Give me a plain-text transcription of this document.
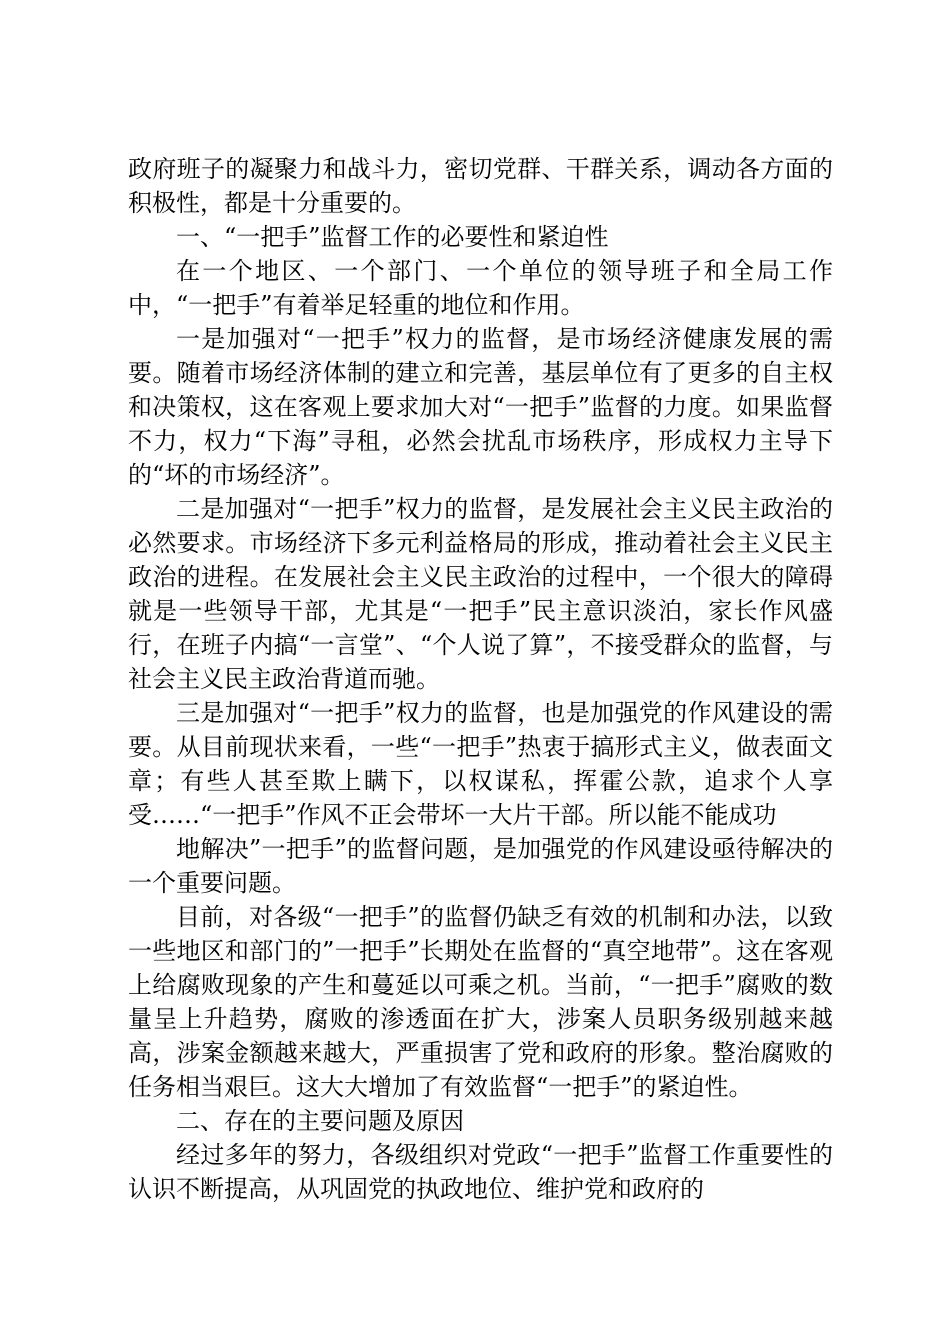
政府班子的凝聚力和战斗力，密切党群、干群关系，调动各方面的积极性，都是十分重要的。

一、“一把手”监督工作的必要性和紧迫性

在一个地区、一个部门、一个单位的领导班子和全局工作中，“一把手”有着举足轻重的地位和作用。

一是加强对“一把手”权力的监督，是市场经济健康发展的需要。随着市场经济体制的建立和完善，基层单位有了更多的自主权和决策权，这在客观上要求加大对“一把手”监督的力度。如果监督不力，权力“下海”寻租，必然会扰乱市场秩序，形成权力主导下的“坏的市场经济”。

二是加强对“一把手”权力的监督，是发展社会主义民主政治的必然要求。市场经济下多元利益格局的形成，推动着社会主义民主政治的进程。在发展社会主义民主政治的过程中，一个很大的障碍就是一些领导干部，尤其是“一把手”民主意识淡泊，家长作风盛行，在班子内搞“一言堂”、“个人说了算”，不接受群众的监督，与社会主义民主政治背道而驰。

三是加强对“一把手”权力的监督，也是加强党的作风建设的需要。从目前现状来看，一些“一把手”热衷于搞形式主义，做表面文章；有些人甚至欺上瞒下，以权谋私，挥霍公款，追求个人享受……“一把手”作风不正会带坏一大片干部。所以能不能成功

地解决”一把手”的监督问题，是加强党的作风建设亟待解决的一个重要问题。

目前，对各级“一把手”的监督仍缺乏有效的机制和办法，以致一些地区和部门的”一把手”长期处在监督的“真空地带”。这在客观上给腐败现象的产生和蔓延以可乘之机。当前，“一把手”腐败的数量呈上升趋势，腐败的渗透面在扩大，涉案人员职务级别越来越高，涉案金额越来越大，严重损害了党和政府的形象。整治腐败的任务相当艰巨。这大大增加了有效监督“一把手”的紧迫性。

二、存在的主要问题及原因

经过多年的努力，各级组织对党政“一把手”监督工作重要性的认识不断提高，从巩固党的执政地位、维护党和政府的
